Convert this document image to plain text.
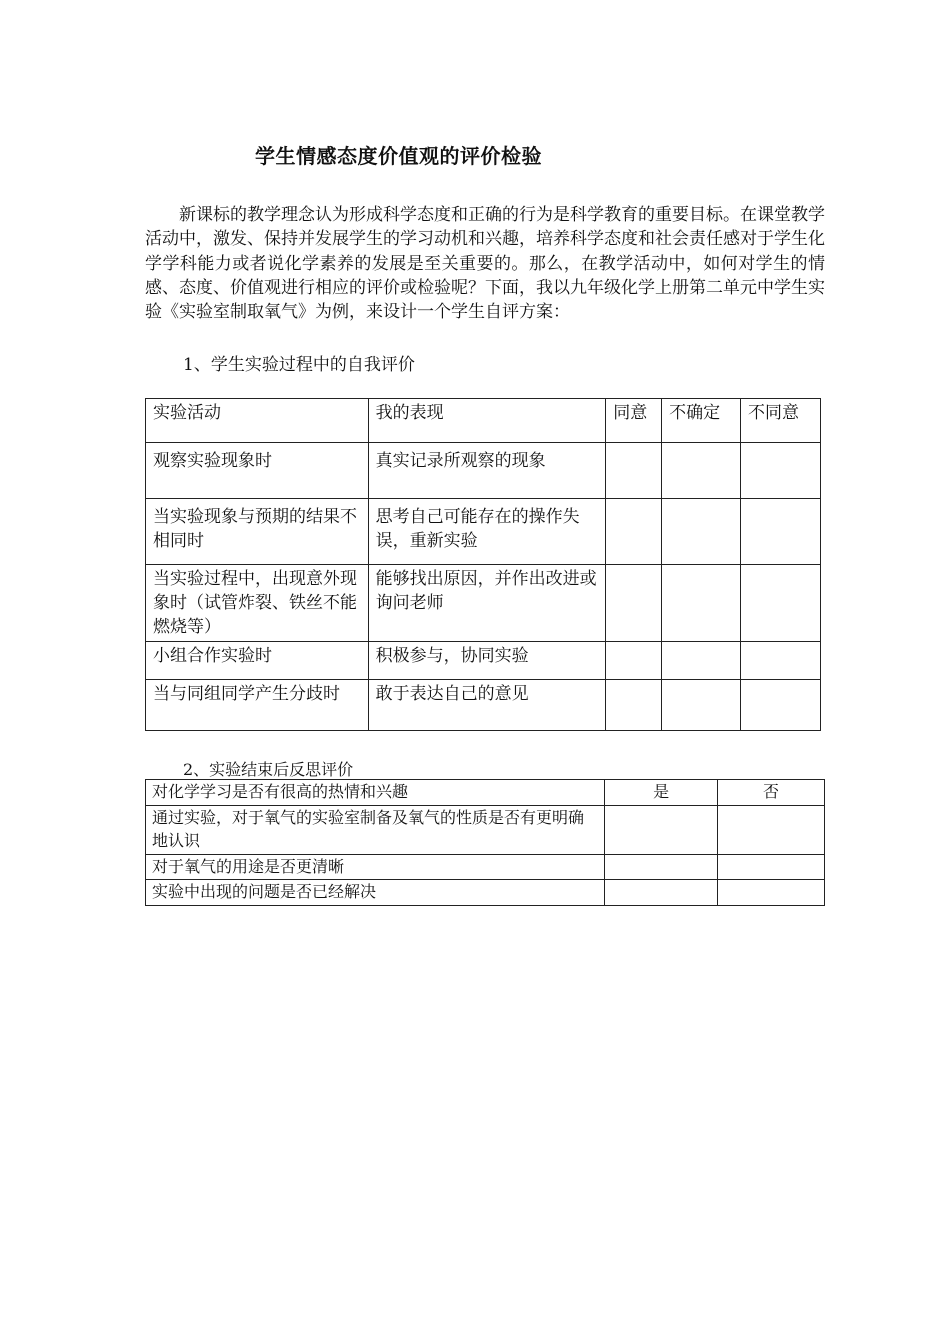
学生情感态度价值观的评价检验

新课标的教学理念认为形成科学态度和正确的行为是科学教育的重要目标。在课堂教学活动中，激发、保持并发展学生的学习动机和兴趣，培养科学态度和社会责任感对于学生化学学科能力或者说化学素养的发展是至关重要的。那么，在教学活动中，如何对学生的情感、态度、价值观进行相应的评价或检验呢？下面，我以九年级化学上册第二单元中学生实验《实验室制取氧气》为例，来设计一个学生自评方案：

1、学生实验过程中的自我评价
实验活动	我的表现	同意	不确定	不同意
观察实验现象时	真实记录所观察的现象			
当实验现象与预期的结果不相同时	思考自己可能存在的操作失误，重新实验			
当实验过程中，出现意外现象时（试管炸裂、铁丝不能燃烧等）	能够找出原因，并作出改进或询问老师			
小组合作实验时	积极参与，协同实验			
当与同组同学产生分歧时	敢于表达自己的意见			
2、实验结束后反思评价
对化学学习是否有很高的热情和兴趣	是	否
通过实验，对于氧气的实验室制备及氧气的性质是否有更明确地认识		
对于氧气的用途是否更清晰		
实验中出现的问题是否已经解决		
